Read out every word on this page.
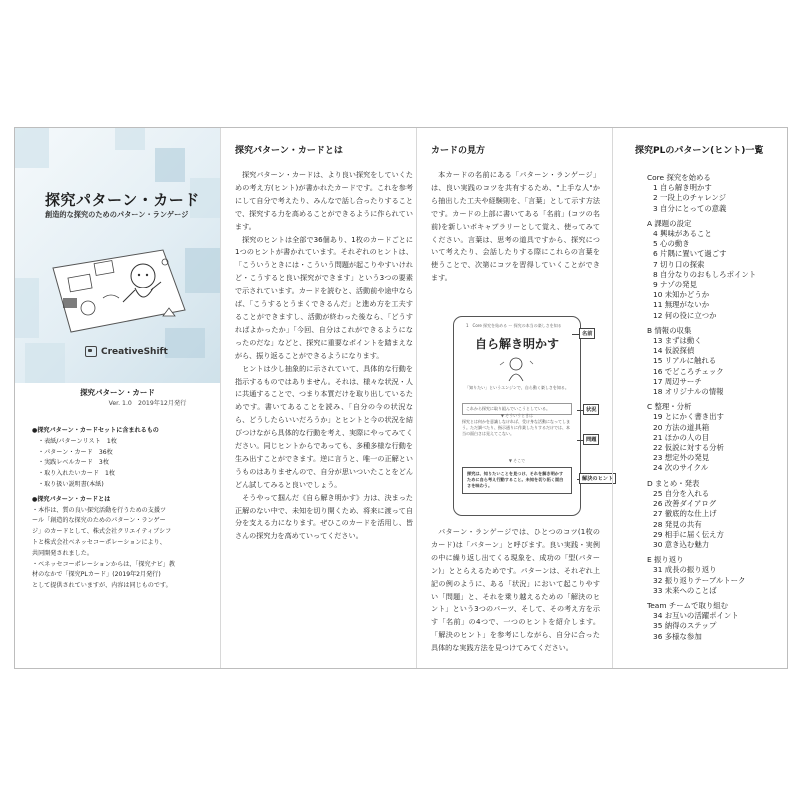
探究パターン・カード
創造的な探究のためのパターン・ランゲージ
CreativeShift
探究パターン・カード
Ver. 1.0　2019年12月発行
●探究パターン・カードセットに含まれるもの
・表紙/パターンリスト　1枚
・パターン・カード　36枚
・実践レベルカード　3枚
・取り入れたいカード　1枚
・取り扱い説明書(本紙)
●探究パターン・カードとは
・本作は、質の良い探究活動を行うための支援ツ
ール「創造的な探究のためのパターン・ランゲー
ジ」のカードとして、株式会社クリエイティブシフ
トと株式会社ベネッセコーポレーションにより、
共同開発されました。
・ベネッセコーポレーションからは、「探究ナビ」教
材のなかで「探究PLカード」(2019年2月発行)
として提供されていますが、内容は同じものです。
探究パターン・カードとは

探究パターン・カードは、より良い探究をしていくための考え方(ヒント)が書かれたカードです。これを参考にして自分で考えたり、みんなで話し合ったりすることで、探究する力を高めることができるように作られています。

探究のヒントは全部で36個あり、1枚のカードごとに1つのヒントが書かれています。それぞれのヒントは、「こういうときには・こういう問題が起こりやすいけれど・こうすると良い探究ができます」という3つの要素で示されています。カードを読むと、活動前や途中ならば、「こうするとうまくできるんだ」と進め方を工夫することができますし、活動が終わった後なら、「どうすればよかったか」「今回、自分はこれができるようになったのだな」などと、探究に重要なポイントを踏まえながら、振り返ることができるようになります。

ヒントは少し抽象的に示されていて、具体的な行動を指示するものではありません。それは、様々な状況・人に共通することで、つまり本質だけを取り出しているためです。書いてあることを読み、「自分の今の状況なら、どうしたらいいだろうか」とヒントと今の状況を結びつけながら具体的な行動を考え、実際にやってみてください。同じヒントからであっても、多種多様な行動を生み出すことができます。逆に言うと、唯一の正解というものはありませんので、自分が思いついたことをどんどん試してみると良いでしょう。

そうやって掴んだ《自ら解き明かす》力は、決まった正解のない中で、未知を切り開くため、将来に渡って自分を支える力になります。ぜひこのカードを活用し、皆さんの探究力を高めていってください。

カードの見方

本カードの名前にある「パターン・ランゲージ」は、良い実践のコツを共有するため、"上手な人"から抽出した工夫や経験則を、「言葉」として示す方法です。カードの上部に書いてある「名前」(コツの名前)を新しいボキャブラリーとして覚え、使ってみてください。言葉は、思考の道具ですから、探究について考えたり、会話したりする際にこれらの言葉を使うことで、次第にコツを習得していくことができます。

1　Core 探究を始める ー 探究の本当の楽しさを知る
自ら解き明かす
「知りたい」というエンジンで、自ら動く楽しさを知る。
これから探究に取り組んでいこうとしている。
▼ そういうときは
探究とは何かを意識しなければ、受け身な活動になってしまう。ただ調べたり、指示通りに作業したりするだけでは、本当の面白さは見えてこない。
▼ そこで
探究は、知りたいことを見つけ、それを解き明かすために自ら考え行動すること。未知を切り拓く面白さを味わう。
名前
状況
問題
解決のヒント

パターン・ランゲージでは、ひとつのコツ(1枚のカード)は「パターン」と呼びます。良い実践・実例の中に繰り返し出てくる現象を、成功の「型(パターン)」ととらえるためです。パターンは、それぞれ上記の例のように、ある「状況」において起こりやすい「問題」と、それを乗り越えるための「解決のヒント」という3つのパーツ、そして、その考え方を示す「名前」の4つで、一つのヒントを紹介します。「解決のヒント」を参考にしながら、自分に合った具体的な実践方法を見つけてみてください。

探究PLのパターン(ヒント)一覧
Core 探究を始める
1 自ら解き明かす
2 一段上のチャレンジ
3 自分にとっての意義
A 課題の設定
4 興味があること
5 心の動き
6 片隅に置いて過ごす
7 切り口の探索
8 自分なりのおもしろポイント
9 ナゾの発見
10 未知かどうか
11 無理がないか
12 何の役に立つか
B 情報の収集
13 まずは動く
14 仮説探偵
15 リアルに触れる
16 でどころチェック
17 周辺サーチ
18 オリジナルの情報
C 整理・分析
19 とにかく書き出す
20 方法の道具箱
21 ほかの人の目
22 仮説に対する分析
23 想定外の発見
24 次のサイクル
D まとめ・発表
25 自分を入れる
26 改善ダイアログ
27 徹底的な仕上げ
28 発見の共有
29 相手に届く伝え方
30 意き込む魅力
E 振り返り
31 成長の振り返り
32 振り返りテーブルトーク
33 未来へのことば
Team チームで取り組む
34 お互いの活躍ポイント
35 納得のステップ
36 多様な参加
